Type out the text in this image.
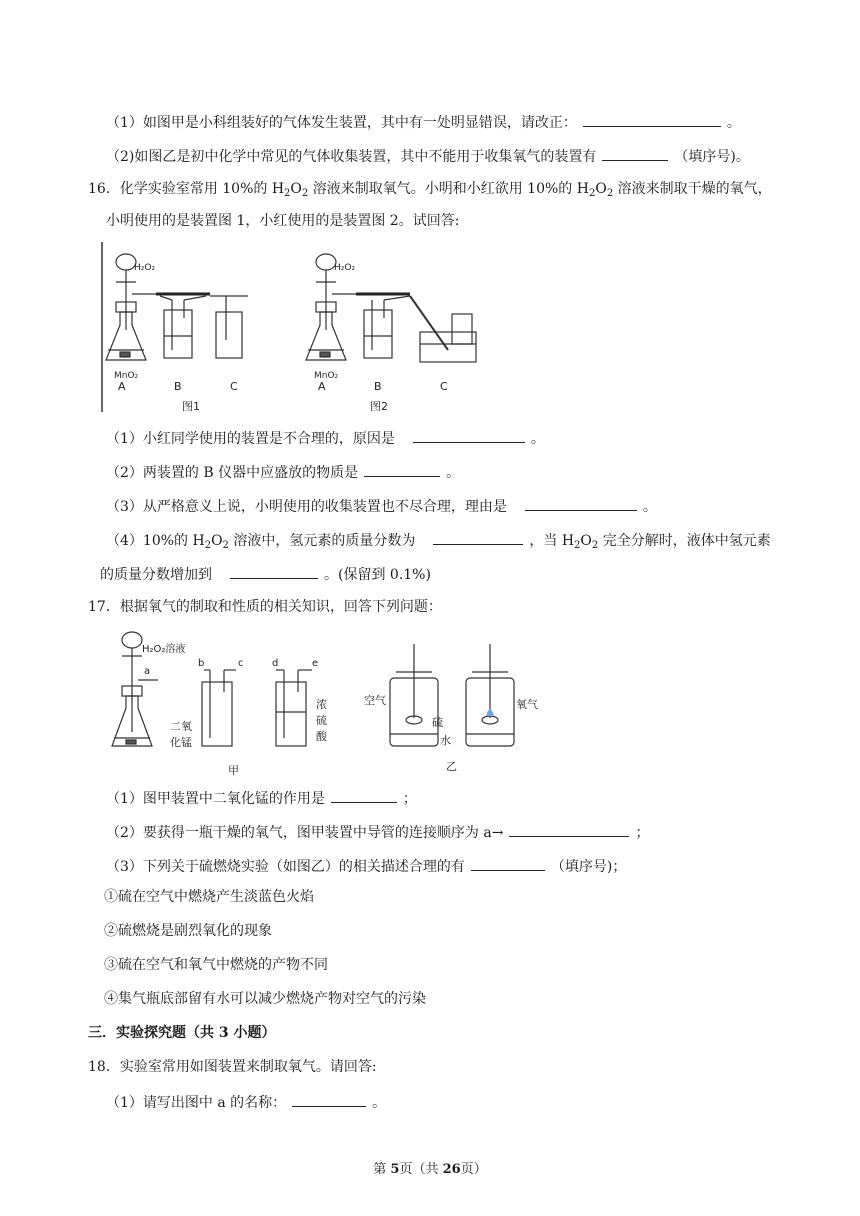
（1）如图甲是小科组装好的气体发生装置，其中有一处明显错误，请改正：	。
（2)如图乙是初中化学中常见的气体收集装置，其中不能用于收集氧气的装置有	（填序号)。
16．化学实验室常用 10%的 $H_2O_2$ 溶液来制取氧气。小明和小红欲用 10%的 $H_2O_2$ 溶液来制取干燥的氧气，
小明使用的是装置图 1，小红使用的是装置图 2。试回答:
H₂O₂
MnO₂
A	B	C
图1
H₂O₂
MnO₂
A	B	C
图2
（1）小红同学使用的装置是不合理的，原因是	。
（2）两装置的 B 仪器中应盛放的物质是	。
（3）从严格意义上说，小明使用的收集装置也不尽合理，理由是	。
（4）10%的 $H_2O_2$ 溶液中，氢元素的质量分数为	，当 $H_2O_2$ 完全分解时，液体中氢元素
的质量分数增加到	。(保留到 0.1%)
17．根据氧气的制取和性质的相关知识，回答下列问题：
H₂O₂溶液
a
二氧
化锰
b	c	d	e
浓
硫
酸
甲
空气
硫
水
氧气
乙
（1）图甲装置中二氧化锰的作用是	；
（2）要获得一瓶干燥的氧气，图甲装置中导管的连接顺序为 a→	；
（3）下列关于硫燃烧实验（如图乙）的相关描述合理的有	（填序号)；
①硫在空气中燃烧产生淡蓝色火焰
②硫燃烧是剧烈氧化的现象
③硫在空气和氧气中燃烧的产物不同
④集气瓶底部留有水可以减少燃烧产物对空气的污染
三．实验探究题（共 3 小题）
18．实验室常用如图装置来制取氧气。请回答:
（1）请写出图中 a 的名称：	。
第 5页（共 26页）
